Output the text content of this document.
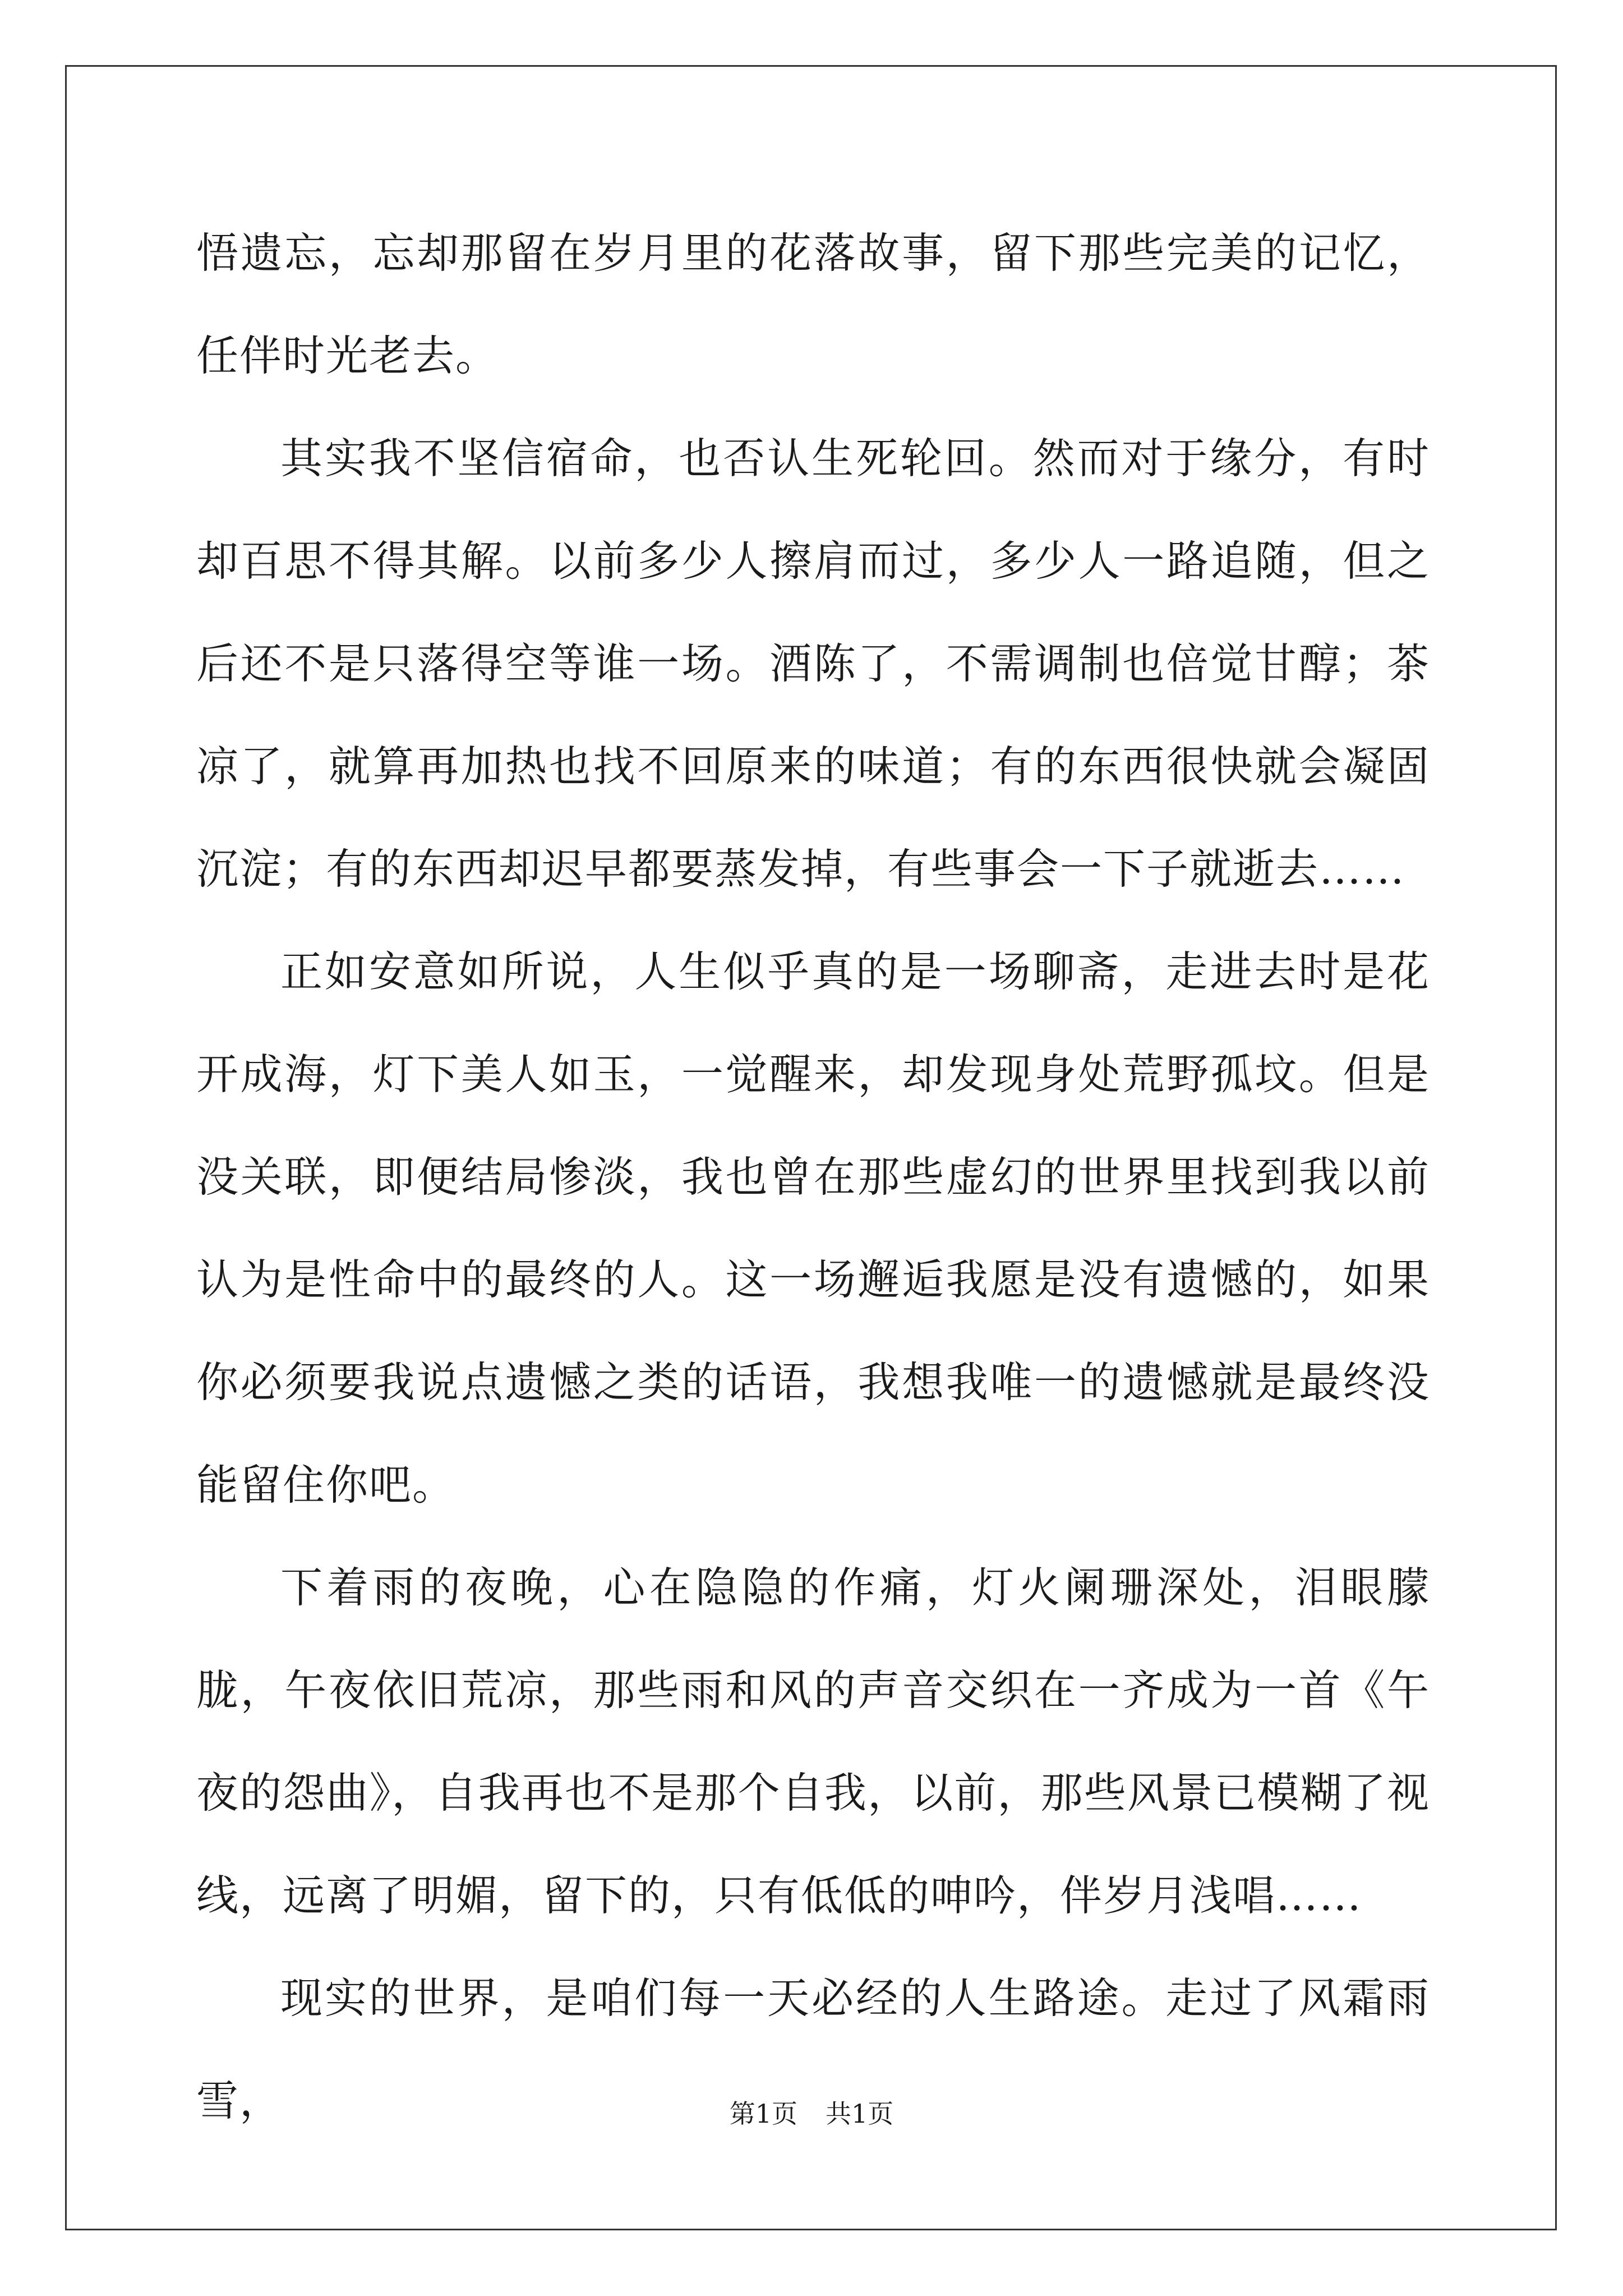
悟遗忘，忘却那留在岁月里的花落故事，留下那些完美的记忆，任伴时光老去。

其实我不坚信宿命，也否认生死轮回。然而对于缘分，有时却百思不得其解。以前多少人擦肩而过，多少人一路追随，但之后还不是只落得空等谁一场。酒陈了，不需调制也倍觉甘醇；茶凉了，就算再加热也找不回原来的味道；有的东西很快就会凝固沉淀；有的东西却迟早都要蒸发掉，有些事会一下子就逝去……

正如安意如所说，人生似乎真的是一场聊斋，走进去时是花开成海，灯下美人如玉，一觉醒来，却发现身处荒野孤坟。但是没关联，即便结局惨淡，我也曾在那些虚幻的世界里找到我以前认为是性命中的最终的人。这一场邂逅我愿是没有遗憾的，如果你必须要我说点遗憾之类的话语，我想我唯一的遗憾就是最终没能留住你吧。

下着雨的夜晚，心在隐隐的作痛，灯火阑珊深处，泪眼朦胧，午夜依旧荒凉，那些雨和风的声音交织在一齐成为一首《午夜的怨曲》，自我再也不是那个自我，以前，那些风景已模糊了视线，远离了明媚，留下的，只有低低的呻吟，伴岁月浅唱……

现实的世界，是咱们每一天必经的人生路途。走过了风霜雨雪，	第1页 共1页
